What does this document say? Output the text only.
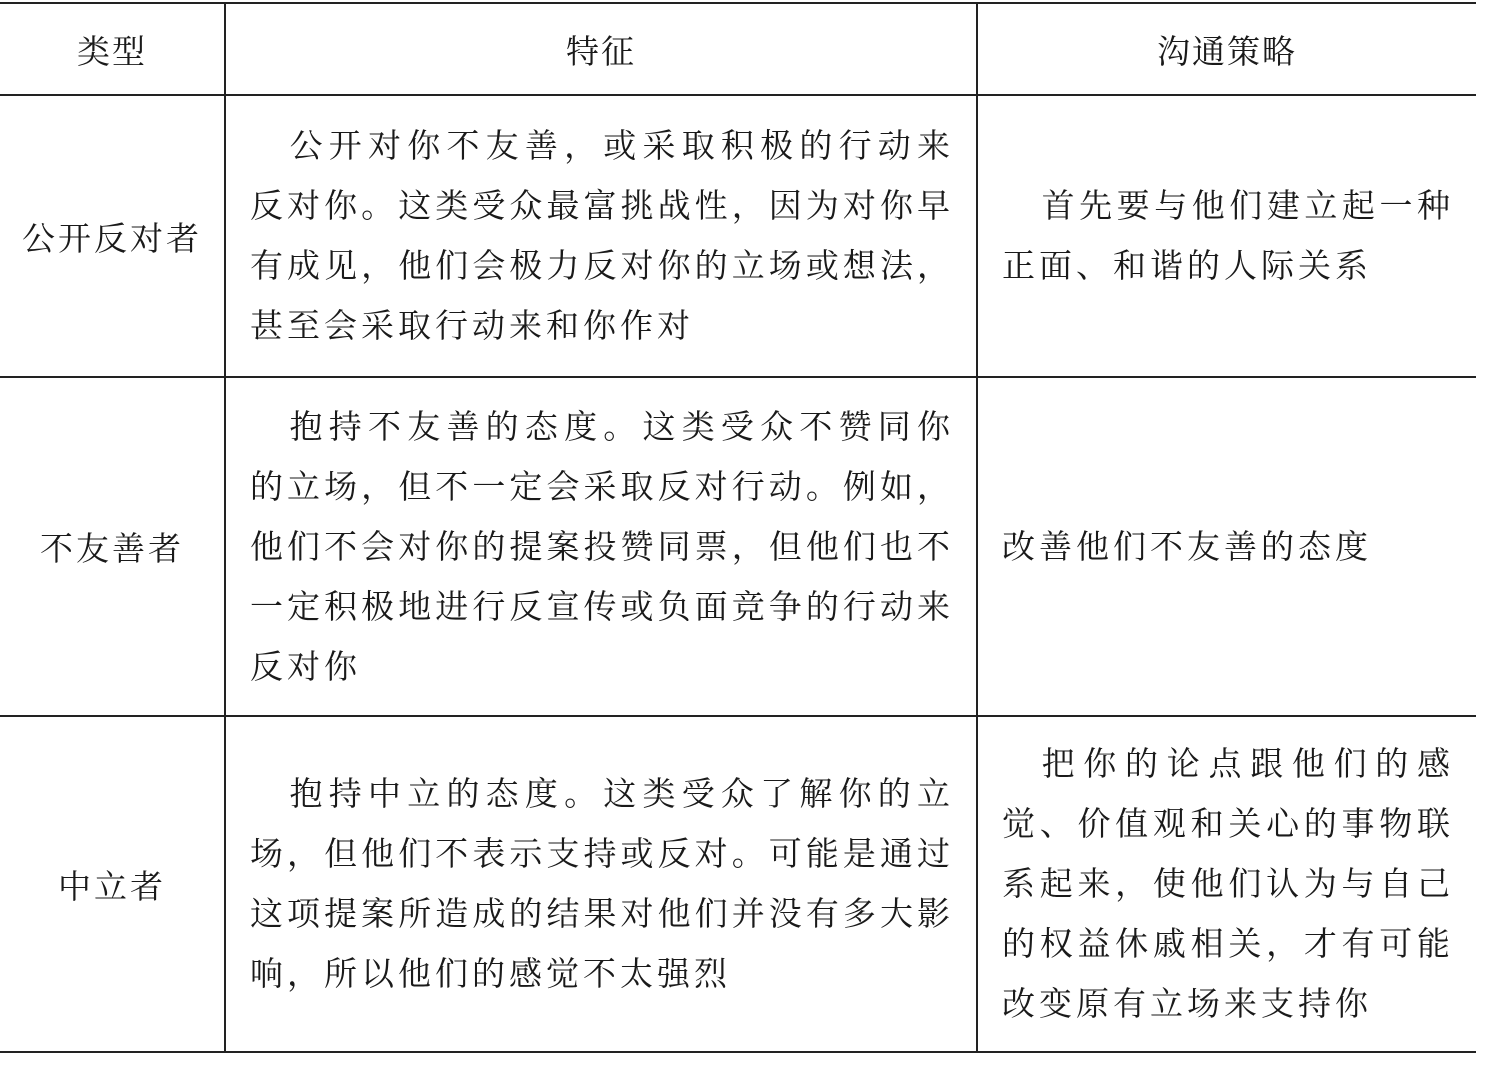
类型	特征	沟通策略
公开反对者	公开对你不友善，或采取积极的行动来反对你。这类受众最富挑战性，因为对你早有成见，他们会极力反对你的立场或想法，甚至会采取行动来和你作对	首先要与他们建立起一种正面、和谐的人际关系

不友善者	抱持不友善的态度。这类受众不赞同你的立场，但不一定会采取反对行动。例如，他们不会对你的提案投赞同票，但他们也不一定积极地进行反宣传或负面竞争的行动来反对你	改善他们不友善的态度

中立者	抱持中立的态度。这类受众了解你的立场，但他们不表示支持或反对。可能是通过这项提案所造成的结果对他们并没有多大影响，所以他们的感觉不太强烈	把你的论点跟他们的感觉、价值观和关心的事物联系起来，使他们认为与自己的权益休戚相关，才有可能改变原有立场来支持你
